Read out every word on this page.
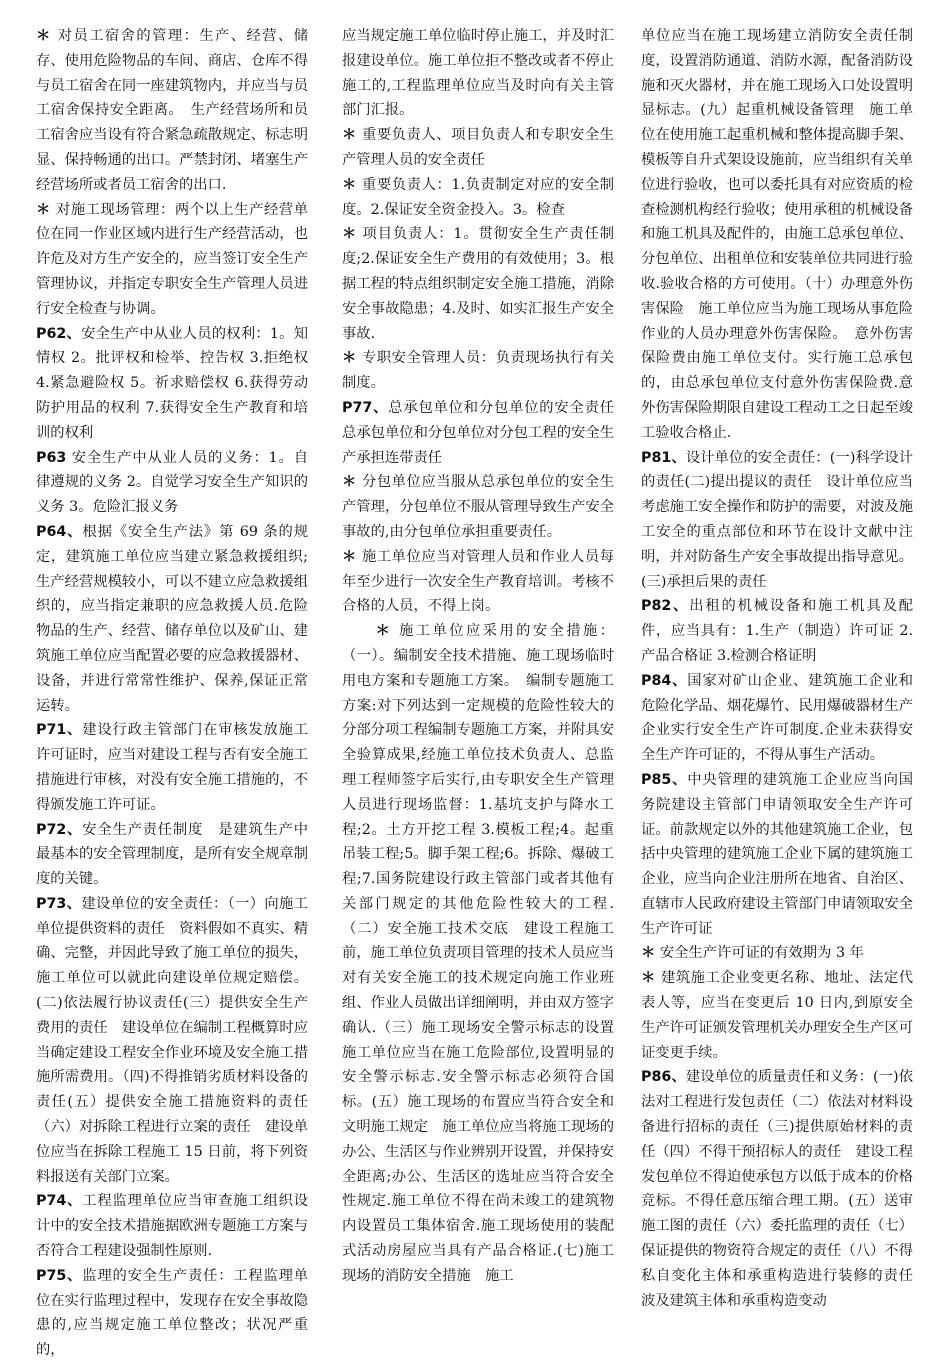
＊ 对员工宿舍的管理：生产、经营、储存、使用危险物品的车间、商店、仓库不得与员工宿舍在同一座建筑物内，并应当与员工宿舍保持安全距离。　生产经营场所和员工宿舍应当设有符合紧急疏散规定、标志明显、保持畅通的出口。严禁封闭、堵塞生产经营场所或者员工宿舍的出口.

＊ 对施工现场管理：两个以上生产经营单位在同一作业区域内进行生产经营活动，也许危及对方生产安全的，应当签订安全生产管理协议，并指定专职安全生产管理人员进行安全检查与协调。

P62、安全生产中从业人员的权利：1。知情权 2。批评权和检举、控告权 3.拒绝权 4.紧急避险权 5。祈求赔偿权 6.获得劳动防护用品的权利 7.获得安全生产教育和培训的权利

P63 安全生产中从业人员的义务：1。自律遵规的义务 2。自觉学习安全生产知识的义务 3。危险汇报义务

P64、根据《安全生产法》第 69 条的规定，建筑施工单位应当建立紧急救援组织;生产经营规模较小，可以不建立应急救援组织的，应当指定兼职的应急救援人员.危险物品的生产、经营、储存单位以及矿山、建筑施工单位应当配置必要的应急救援器材、设备，并进行常常性维护、保养,保证正常运转。

P71、建设行政主管部门在审核发放施工许可证时，应当对建设工程与否有安全施工措施进行审核，对没有安全施工措施的，不得颁发施工许可证。

P72、安全生产责任制度　是建筑生产中最基本的安全管理制度，是所有安全规章制度的关键。

P73、建设单位的安全责任：（一）向施工单位提供资料的责任　资料假如不真实、精确、完整，并因此导致了施工单位的损失，施工单位可以就此向建设单位规定赔偿。(二)依法履行协议责任(三）提供安全生产费用的责任　建设单位在编制工程概算时应当确定建设工程安全作业环境及安全施工措施所需费用。（四)不得推销劣质材料设备的责任(五）提供安全施工措施资料的责任（六）对拆除工程进行立案的责任　建设单位应当在拆除工程施工 15 日前，将下列资料报送有关部门立案。

P74、工程监理单位应当审查施工组织设计中的安全技术措施据欧洲专题施工方案与否符合工程建设强制性原则.

P75、监理的安全生产责任：工程监理单位在实行监理过程中，发现存在安全事故隐患的,应当规定施工单位整改；状况严重的，

应当规定施工单位临时停止施工，并及时汇报建设单位。施工单位拒不整改或者不停止施工的,工程监理单位应当及时向有关主管部门汇报。

＊ 重要负责人、项目负责人和专职安全生产管理人员的安全责任

＊ 重要负责人：1.负责制定对应的安全制度。2.保证安全资金投入。3。检查

＊ 项目负责人：1。贯彻安全生产责任制度;2.保证安全生产费用的有效使用；3。根据工程的特点组织制定安全施工措施，消除安全事故隐患；4.及时、如实汇报生产安全事故.

＊ 专职安全管理人员：负责现场执行有关制度。

P77、总承包单位和分包单位的安全责任　总承包单位和分包单位对分包工程的安全生产承担连带责任

＊ 分包单位应当服从总承包单位的安全生产管理，分包单位不服从管理导致生产安全事故的,由分包单位承担重要责任。

＊ 施工单位应当对管理人员和作业人员每年至少进行一次安全生产教育培训。考核不合格的人员，不得上岗。

　　＊ 施工单位应采用的安全措施：（一）。编制安全技术措施、施工现场临时用电方案和专题施工方案。　编制专题施工方案:对下列达到一定规模的危险性较大的分部分项工程编制专题施工方案，并附具安全验算成果,经施工单位技术负责人、总监理工程师签字后实行,由专职安全生产管理人员进行现场监督：1.基坑支护与降水工程;2。土方开挖工程 3.模板工程;4。起重吊装工程;5。脚手架工程;6。拆除、爆破工程;7.国务院建设行政主管部门或者其他有关部门规定的其他危险性较大的工程.　（二）安全施工技术交底　建设工程施工前，施工单位负责项目管理的技术人员应当对有关安全施工的技术规定向施工作业班组、作业人员做出详细阐明，并由双方签字确认.（三）施工现场安全警示标志的设置　施工单位应当在施工危险部位,设置明显的安全警示标志.安全警示标志必须符合国标。(五）施工现场的布置应当符合安全和文明施工规定　施工单位应当将施工现场的办公、生活区与作业辨别开设置，并保持安全距离;办公、生活区的选址应当符合安全性规定.施工单位不得在尚未竣工的建筑物内设置员工集体宿舍.施工现场使用的装配式活动房屋应当具有产品合格证.(七)施工现场的消防安全措施　施工

单位应当在施工现场建立消防安全责任制度，设置消防通道、消防水源，配备消防设施和灭火器材，并在施工现场入口处设置明显标志。(九）起重机械设备管理　施工单位在使用施工起重机械和整体提高脚手架、模板等自升式架设设施前，应当组织有关单位进行验收，也可以委托具有对应资质的检查检测机构经行验收；使用承租的机械设备和施工机具及配件的，由施工总承包单位、分包单位、出租单位和安装单位共同进行验收.验收合格的方可使用。（十）办理意外伤害保险　施工单位应当为施工现场从事危险作业的人员办理意外伤害保险。　意外伤害保险费由施工单位支付。实行施工总承包的，由总承包单位支付意外伤害保险费.意外伤害保险期限自建设工程动工之日起至竣工验收合格止.

P81、设计单位的安全责任：(一)科学设计的责任(二)提出提议的责任　设计单位应当考虑施工安全操作和防护的需要，对波及施工安全的重点部位和环节在设计文献中注明，并对防备生产安全事故提出指导意见。(三)承担后果的责任

P82、出租的机械设备和施工机具及配件，应当具有：1.生产（制造）许可证 2.产品合格证 3.检测合格证明

P84、国家对矿山企业、建筑施工企业和危险化学品、烟花爆竹、民用爆破器材生产企业实行安全生产许可制度.企业未获得安全生产许可证的，不得从事生产活动。

P85、中央管理的建筑施工企业应当向国务院建设主管部门申请领取安全生产许可证。前款规定以外的其他建筑施工企业，包括中央管理的建筑施工企业下属的建筑施工企业，应当向企业注册所在地省、自治区、直辖市人民政府建设主管部门申请领取安全生产许可证

＊ 安全生产许可证的有效期为 3 年

＊ 建筑施工企业变更名称、地址、法定代表人等，应当在变更后 10 日内,到原安全生产许可证颁发管理机关办理安全生产区可证变更手续。

P86、建设单位的质量责任和义务：(一)依法对工程进行发包责任（二）依法对材料设备进行招标的责任（三)提供原始材料的责任（四）不得干预招标人的责任　建设工程发包单位不得迫使承包方以低于成本的价格竞标。不得任意压缩合理工期。(五）送审施工图的责任（六）委托监理的责任（七）保证提供的物资符合规定的责任（八）不得私自变化主体和承重构造进行装修的责任　波及建筑主体和承重构造变动
